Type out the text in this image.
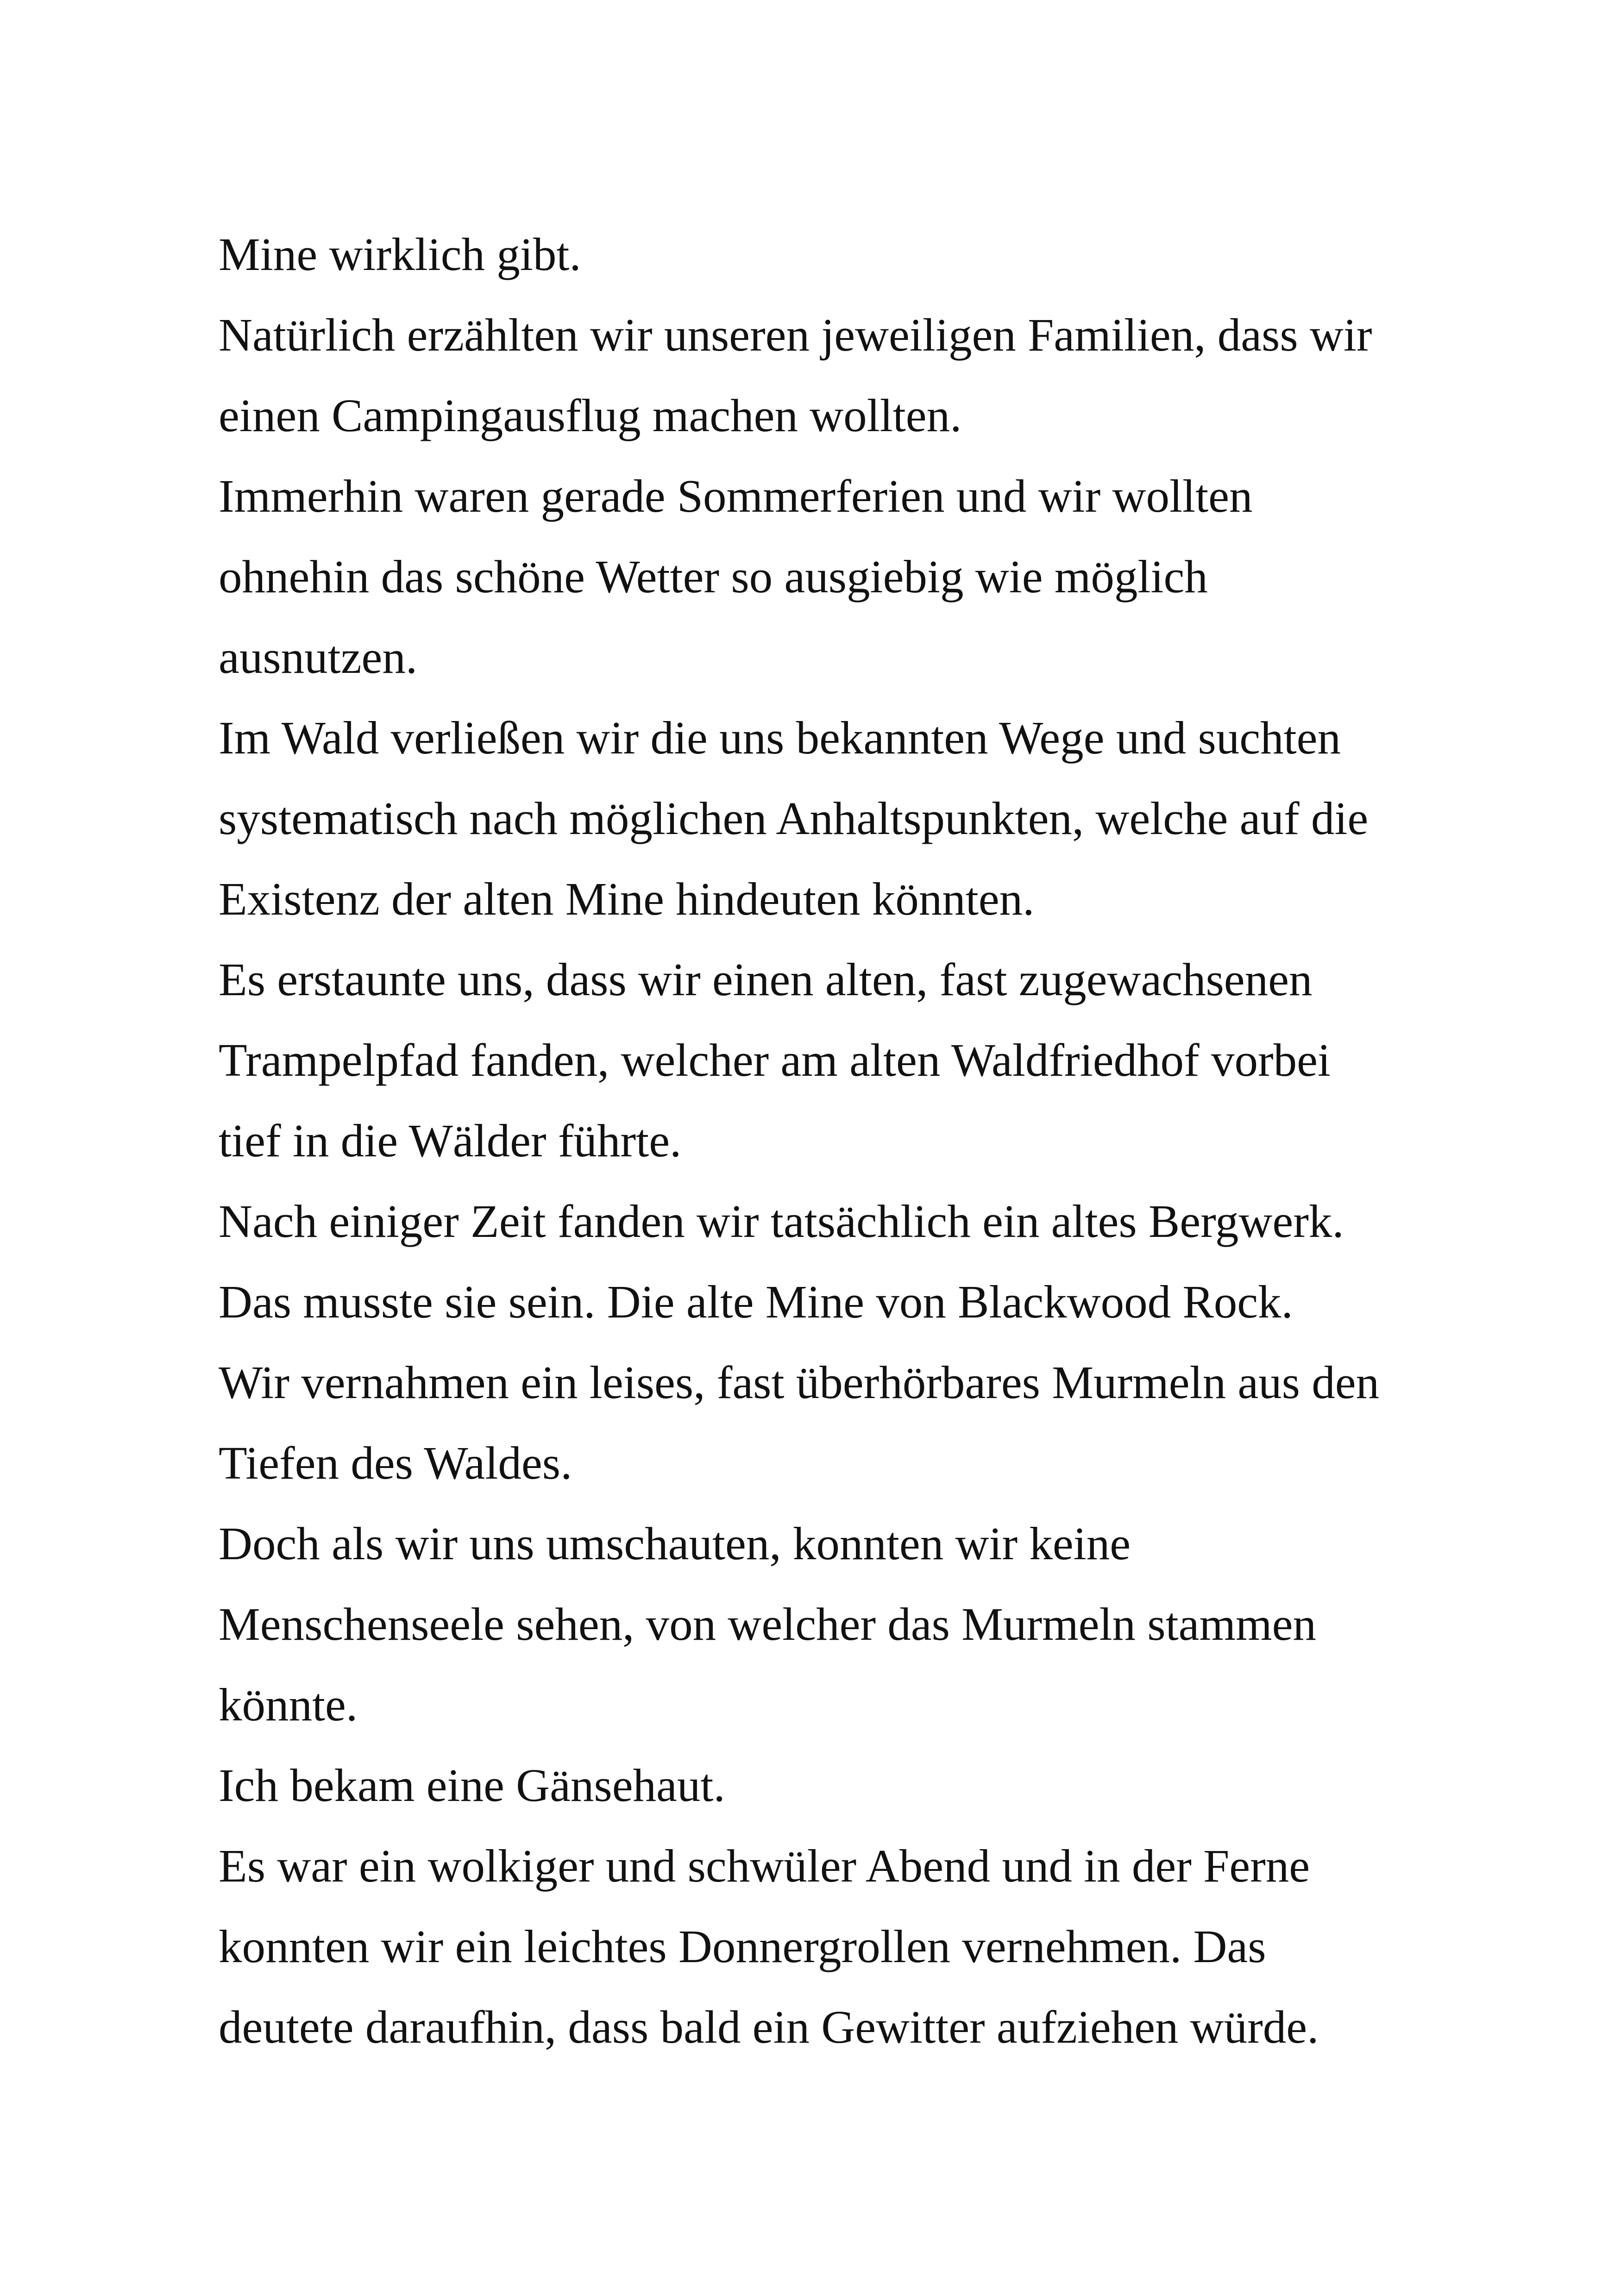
Mine wirklich gibt.
Natürlich erzählten wir unseren jeweiligen Familien, dass wir
einen Campingausflug machen wollten.
Immerhin waren gerade Sommerferien und wir wollten
ohnehin das schöne Wetter so ausgiebig wie möglich
ausnutzen.
Im Wald verließen wir die uns bekannten Wege und suchten
systematisch nach möglichen Anhaltspunkten, welche auf die
Existenz der alten Mine hindeuten könnten.
Es erstaunte uns, dass wir einen alten, fast zugewachsenen
Trampelpfad fanden, welcher am alten Waldfriedhof vorbei
tief in die Wälder führte.
Nach einiger Zeit fanden wir tatsächlich ein altes Bergwerk.
Das musste sie sein. Die alte Mine von Blackwood Rock.
Wir vernahmen ein leises, fast überhörbares Murmeln aus den
Tiefen des Waldes.
Doch als wir uns umschauten, konnten wir keine
Menschenseele sehen, von welcher das Murmeln stammen
könnte.
Ich bekam eine Gänsehaut.
Es war ein wolkiger und schwüler Abend und in der Ferne
konnten wir ein leichtes Donnergrollen vernehmen. Das
deutete daraufhin, dass bald ein Gewitter aufziehen würde.
